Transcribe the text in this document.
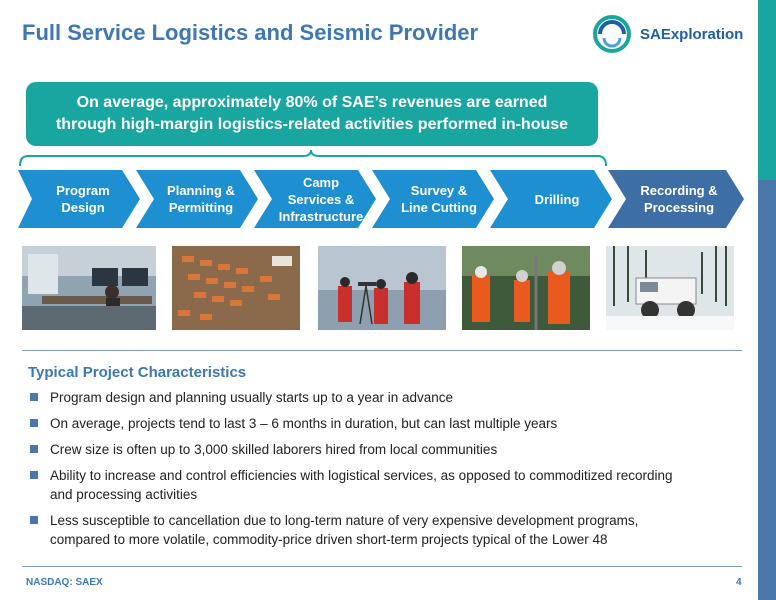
Full Service Logistics and Seismic Provider	SAExploration
On average, approximately 80% of SAE’s revenues are earned
through high-margin logistics-related activities performed in-house
Program
Design
Planning &
Permitting
Camp
Services &
Infrastructure
Survey &
Line Cutting
Drilling
Recording &
Processing
Typical Project Characteristics
Program design and planning usually starts up to a year in advance
On average, projects tend to last 3 – 6 months in duration, but can last multiple years
Crew size is often up to 3,000 skilled laborers hired from local communities
Ability to increase and control efficiencies with logistical services, as opposed to commoditized recording
and processing activities
Less susceptible to cancellation due to long-term nature of very expensive development programs,
compared to more volatile, commodity-price driven short-term projects typical of the Lower 48
NASDAQ: SAEX	4
